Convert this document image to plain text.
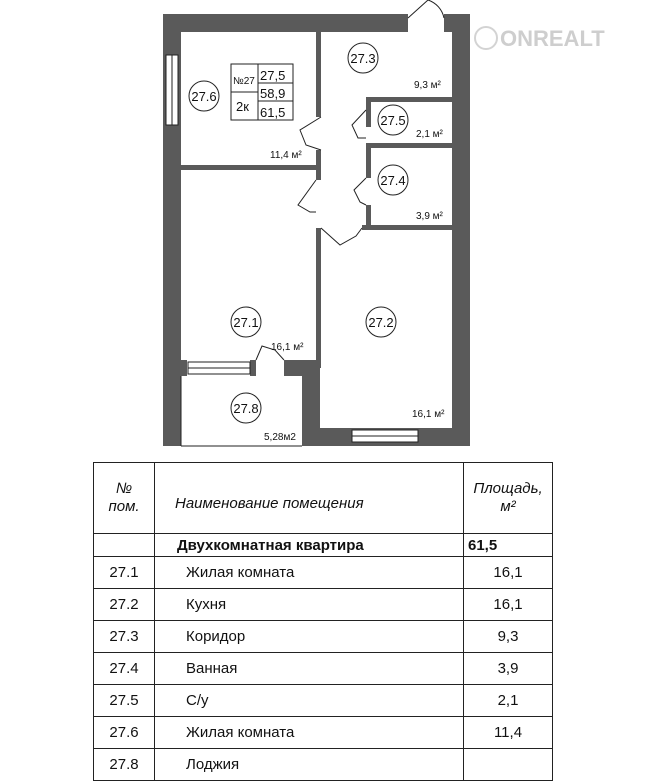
ONREALT
№27
2к
27,5
58,9
61,5
27.6
11,4 м²
27.3
9,3 м²
27.5
2,1 м²
27.4
3,9 м²
27.1
16,1 м²
27.2
16,1 м²
27.8
5,28м2
№
пом.	Наименование помещения	Площадь,
м²
	Двухкомнатная квартира	61,5
27.1	Жилая комната	16,1
27.2	Кухня	16,1
27.3	Коридор	9,3
27.4	Ванная	3,9
27.5	С/у	2,1
27.6	Жилая комната	11,4
27.8	Лоджия	
